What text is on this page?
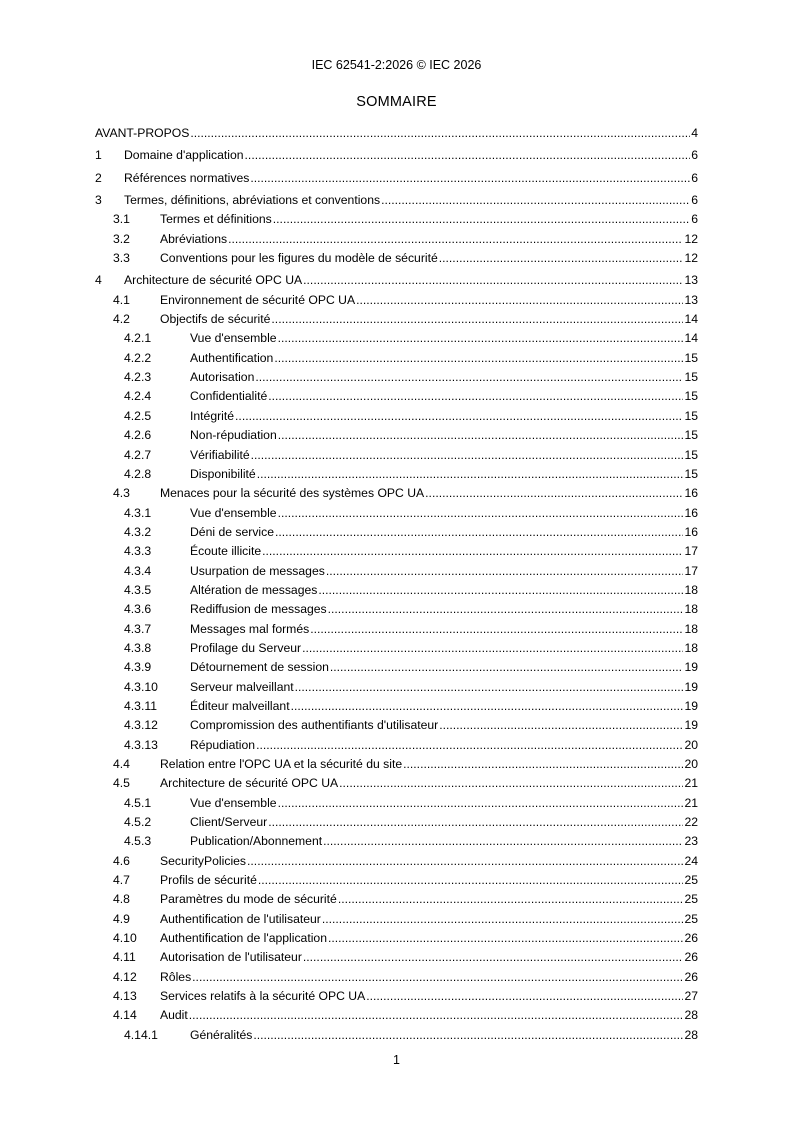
IEC 62541-2:2026 © IEC 2026
SOMMAIRE
AVANT-PROPOS .....	4
1 Domaine d'application .....	6
2 Références normatives .....	6
3 Termes, définitions, abréviations et conventions .....	6
3.1 Termes et définitions .....	6
3.2 Abréviations .....	12
3.3 Conventions pour les figures du modèle de sécurité .....	12
4 Architecture de sécurité OPC UA .....	13
4.1 Environnement de sécurité OPC UA .....	13
4.2 Objectifs de sécurité .....	14
4.2.1	Vue d'ensemble .....	14
4.2.2	Authentification .....	15
4.2.3	Autorisation .....	15
4.2.4	Confidentialité .....	15
4.2.5	Intégrité .....	15
4.2.6	Non-répudiation .....	15
4.2.7	Vérifiabilité .....	15
4.2.8	Disponibilité .....	15
4.3 Menaces pour la sécurité des systèmes OPC UA .....	16
4.3.1	Vue d'ensemble .....	16
4.3.2	Déni de service .....	16
4.3.3	Écoute illicite .....	17
4.3.4	Usurpation de messages .....	17
4.3.5	Altération de messages .....	18
4.3.6	Rediffusion de messages .....	18
4.3.7	Messages mal formés .....	18
4.3.8	Profilage du Serveur .....	18
4.3.9	Détournement de session .....	19
4.3.10	Serveur malveillant .....	19
4.3.11	Éditeur malveillant .....	19
4.3.12	Compromission des authentifiants d'utilisateur .....	19
4.3.13	Répudiation .....	20
4.4 Relation entre l'OPC UA et la sécurité du site .....	20
4.5 Architecture de sécurité OPC UA .....	21
4.5.1	Vue d'ensemble .....	21
4.5.2	Client/Serveur .....	22
4.5.3	Publication/Abonnement .....	23
4.6 SecurityPolicies .....	24
4.7 Profils de sécurité .....	25
4.8 Paramètres du mode de sécurité .....	25
4.9 Authentification de l'utilisateur .....	25
4.10 Authentification de l'application .....	26
4.11 Autorisation de l'utilisateur .....	26
4.12 Rôles .....	26
4.13 Services relatifs à la sécurité OPC UA .....	27
4.14 Audit .....	28
4.14.1	Généralités .....	28
1
